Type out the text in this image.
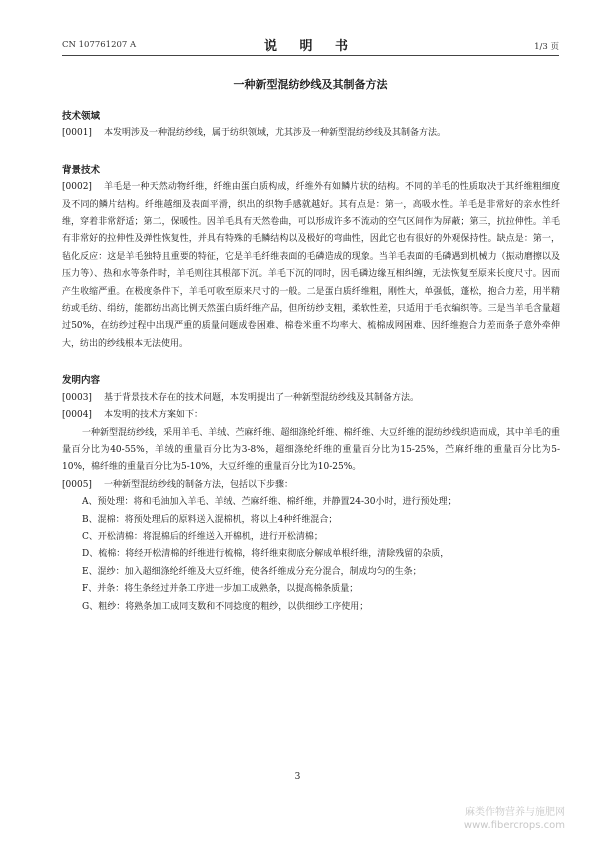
CN 107761207 A	说 明 书	1/3 页
一种新型混纺纱线及其制备方法

技术领域

[0001] 本发明涉及一种混纺纱线，属于纺织领域，尤其涉及一种新型混纺纱线及其制备方法。

背景技术

[0002] 羊毛是一种天然动物纤维，纤维由蛋白质构成，纤维外有如鳞片状的结构。不同的羊毛的性质取决于其纤维粗细度及不同的鳞片结构。纤维越细及表面平滑，织出的织物手感就越好。其有点是：第一，高吸水性。羊毛是非常好的亲水性纤维，穿着非常舒适；第二，保暖性。因羊毛具有天然卷曲，可以形成许多不流动的空气区间作为屏蔽；第三，抗拉伸性。羊毛有非常好的拉伸性及弹性恢复性，并具有特殊的毛鳞结构以及极好的弯曲性，因此它也有很好的外观保持性。缺点是：第一，毡化反应：这是羊毛独特且重要的特征，它是羊毛纤维表面的毛磷造成的现象。当羊毛表面的毛磷遇到机械力（振动磨擦以及压力等）、热和水等条件时，羊毛则往其根部下沉。羊毛下沉的同时，因毛磷边缘互相纠缠，无法恢复至原来长度尺寸。因而产生收缩严重。在极度条件下，羊毛可收至原来尺寸的一般。二是蛋白质纤维粗，刚性大，单强低，蓬松，抱合力差，用半精纺或毛纺、绢纺，能都纺出高比例天然蛋白质纤维产品，但所纺纱支粗，柔软性差，只适用于毛衣编织等。三是当羊毛含量超过50%，在纺纱过程中出现严重的质量问题成卷困难、棉卷米重不均率大、梳棉成网困难、因纤维抱合力差而条子意外牵伸大，纺出的纱线根本无法使用。

发明内容

[0003] 基于背景技术存在的技术问题，本发明提出了一种新型混纺纱线及其制备方法。

[0004] 本发明的技术方案如下：

一种新型混纺纱线，采用羊毛、羊绒、苎麻纤维、超细涤纶纤维、棉纤维、大豆纤维的混纺纱线织造而成，其中羊毛的重量百分比为40-55%，羊绒的重量百分比为3-8%，超细涤纶纤维的重量百分比为15-25%，苎麻纤维的重量百分比为5-10%，棉纤维的重量百分比为5-10%，大豆纤维的重量百分比为10-25%。

[0005] 一种新型混纺纱线的制备方法，包括以下步骤：

A、预处理：将和毛油加入羊毛、羊绒、苎麻纤维、棉纤维，并静置24-30小时，进行预处理；

B、混棉：将预处理后的原料送入混棉机，将以上4种纤维混合；

C、开松清棉：将混棉后的纤维送入开棉机，进行开松清棉；

D、梳棉：将经开松清棉的纤维进行梳棉，将纤维束彻底分解成单根纤维，清除残留的杂质，

E、混纱：加入超细涤纶纤维及大豆纤维，使各纤维成分充分混合，制成均匀的生条；

F、并条：将生条经过并条工序进一步加工成熟条，以提高棉条质量；

G、粗纱：将熟条加工成同支数和不同捻度的粗纱，以供细纱工序使用；

3
麻类作物营养与施肥网
www.fibercrops.com
